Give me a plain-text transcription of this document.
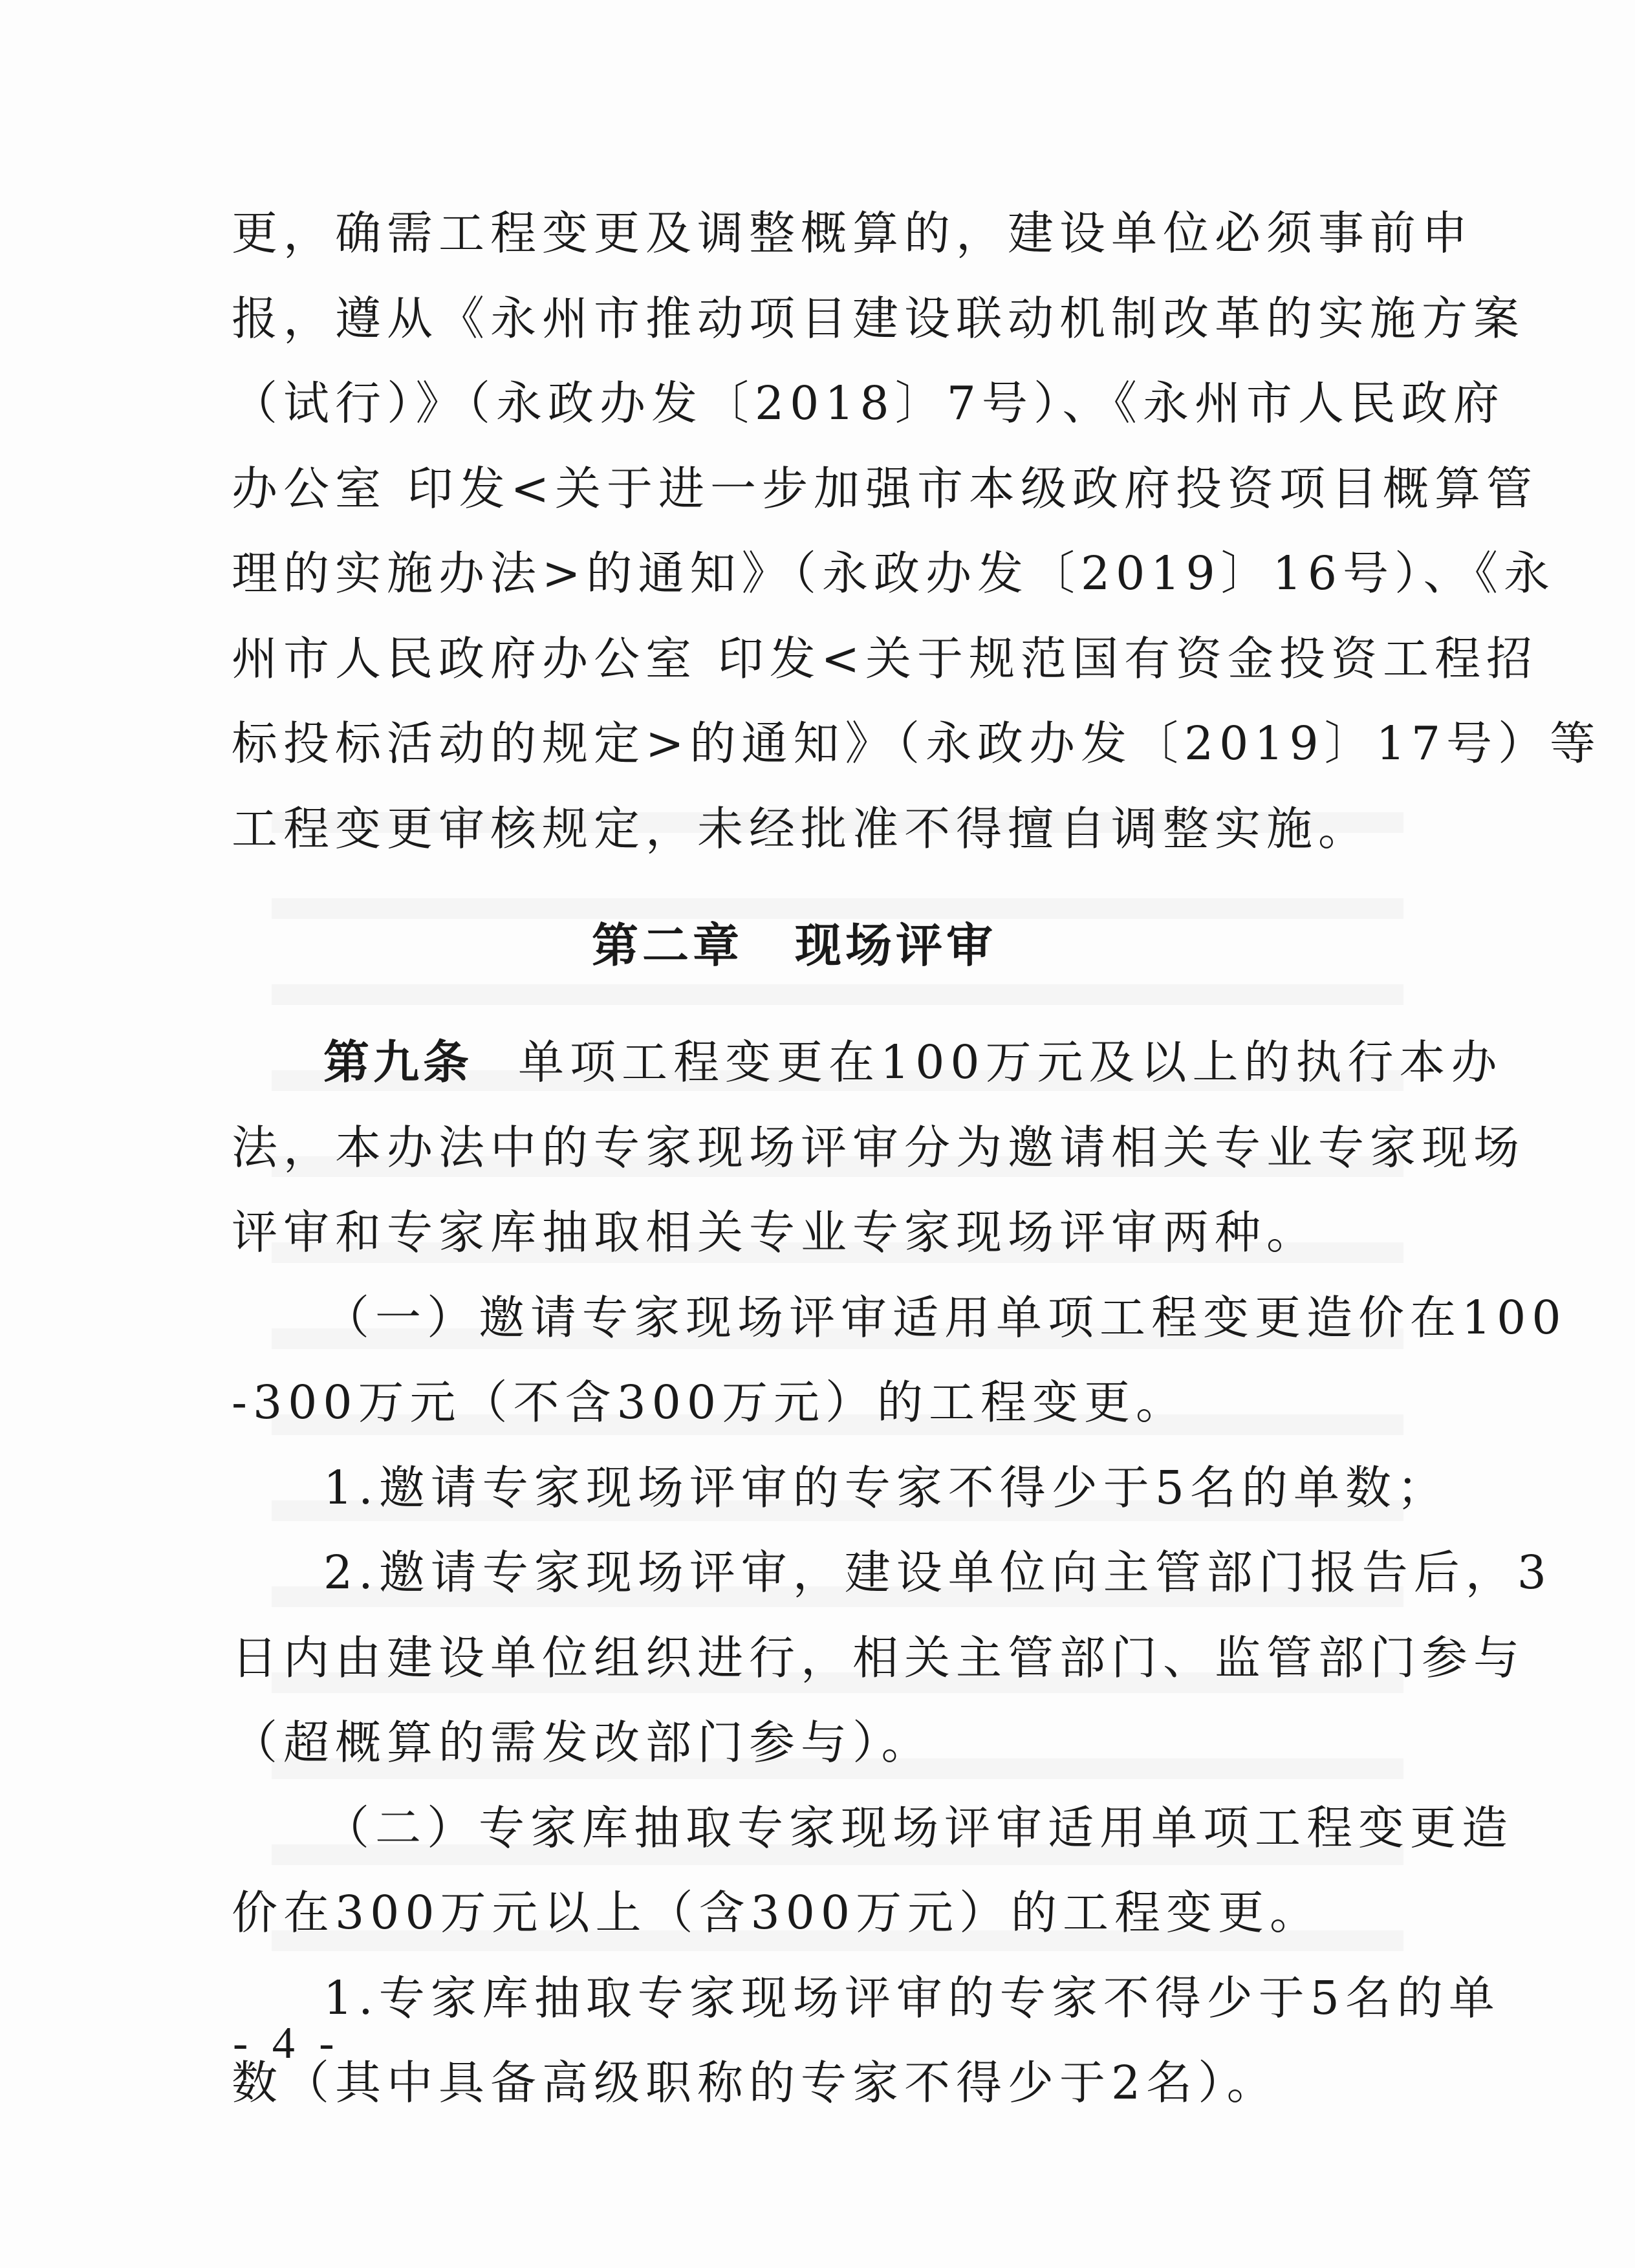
更，确需工程变更及调整概算的，建设单位必须事前申
报，遵从《永州市推动项目建设联动机制改革的实施方案
（试行）》（永政办发〔2018〕7号）、《永州市人民政府
办公室 印发<关于进一步加强市本级政府投资项目概算管
理的实施办法>的通知》（永政办发〔2019〕16号）、《永
州市人民政府办公室 印发<关于规范国有资金投资工程招
标投标活动的规定>的通知》（永政办发〔2019〕17号）等
工程变更审核规定，未经批准不得擅自调整实施。
第二章 现场评审
第九条 单项工程变更在100万元及以上的执行本办
法，本办法中的专家现场评审分为邀请相关专业专家现场
评审和专家库抽取相关专业专家现场评审两种。
（一）邀请专家现场评审适用单项工程变更造价在100
-300万元（不含300万元）的工程变更。
1.邀请专家现场评审的专家不得少于5名的单数；
2.邀请专家现场评审，建设单位向主管部门报告后，3
日内由建设单位组织进行，相关主管部门、监管部门参与
（超概算的需发改部门参与）。
（二）专家库抽取专家现场评审适用单项工程变更造
价在300万元以上（含300万元）的工程变更。
1.专家库抽取专家现场评审的专家不得少于5名的单
数（其中具备高级职称的专家不得少于2名）。
- 4 -
